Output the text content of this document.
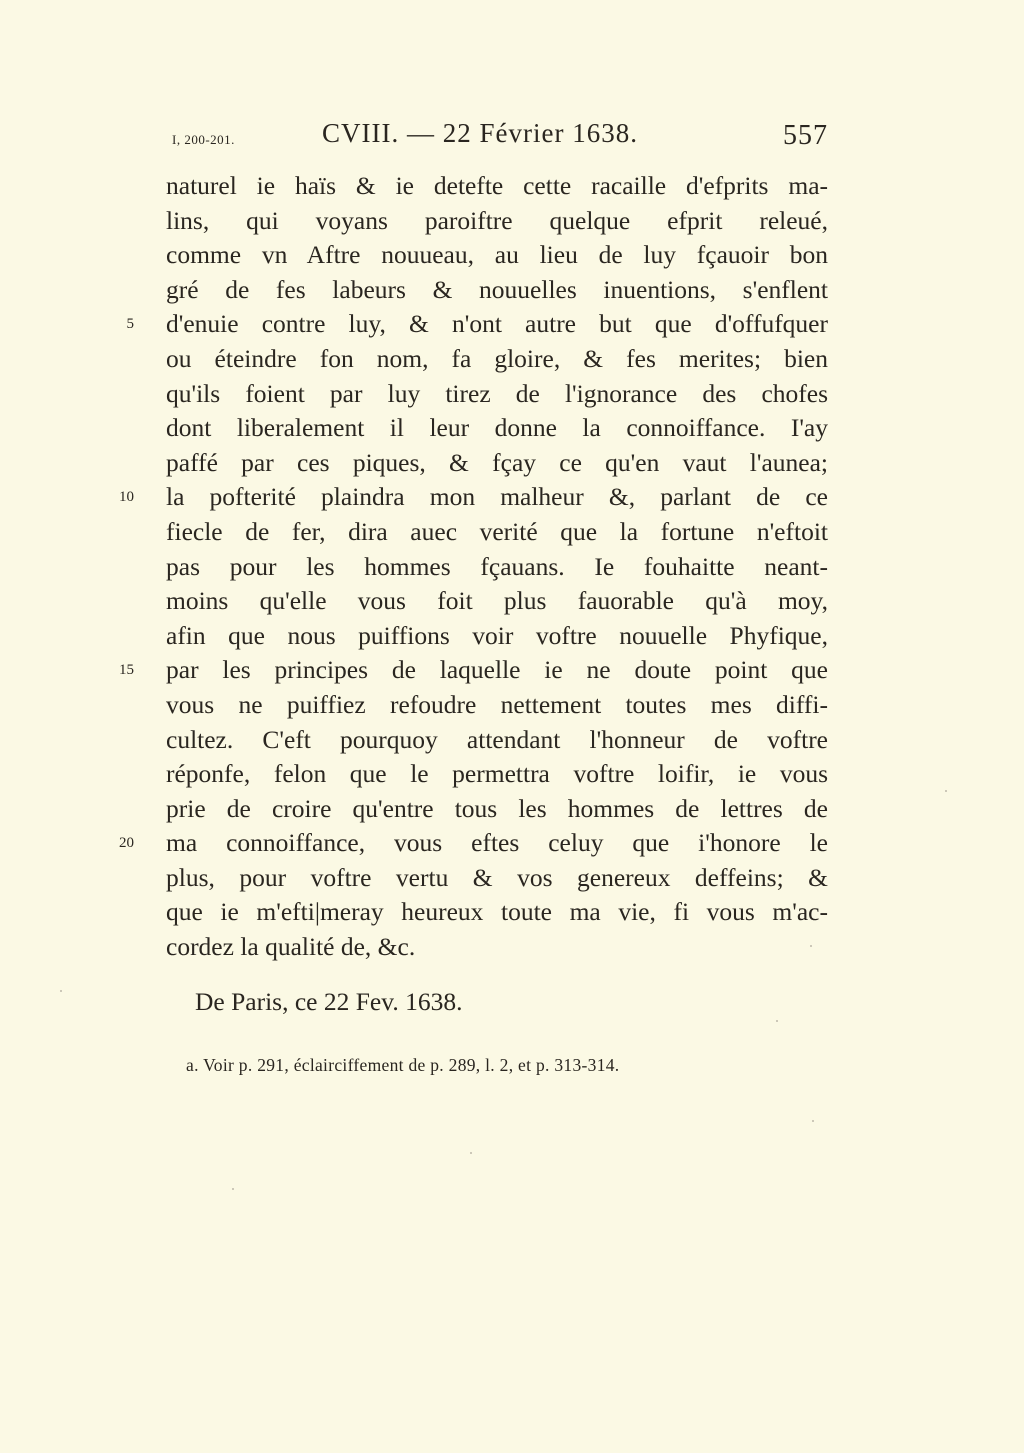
I, 200-201.	CVIII. — 22 Février 1638.	557
naturel ie haïs & ie detefte cette racaille d'efprits ma-
lins, qui voyans paroiftre quelque efprit releué,
comme vn Aftre nouueau, au lieu de luy fçauoir bon
gré de fes labeurs & nouuelles inuentions, s'enflent
5 d'enuie contre luy, & n'ont autre but que d'offufquer
ou éteindre fon nom, fa gloire, & fes merites; bien
qu'ils foient par luy tirez de l'ignorance des chofes
dont liberalement il leur donne la connoiffance. I'ay
paffé par ces piques, & fçay ce qu'en vaut l'aunea;
10 la pofterité plaindra mon malheur &, parlant de ce
fiecle de fer, dira auec verité que la fortune n'eftoit
pas pour les hommes fçauans. Ie fouhaitte neant-
moins qu'elle vous foit plus fauorable qu'à moy,
afin que nous puiffions voir voftre nouuelle Phyfique,
15 par les principes de laquelle ie ne doute point que
vous ne puiffiez refoudre nettement toutes mes diffi-
cultez. C'eft pourquoy attendant l'honneur de voftre
réponfe, felon que le permettra voftre loifir, ie vous
prie de croire qu'entre tous les hommes de lettres de
20 ma connoiffance, vous eftes celuy que i'honore le
plus, pour voftre vertu & vos genereux deffeins; &
que ie m'efti|meray heureux toute ma vie, fi vous m'ac-
cordez la qualité de, &c.
De Paris, ce 22 Fev. 1638.
a. Voir p. 291, éclairciffement de p. 289, l. 2, et p. 313-314.
